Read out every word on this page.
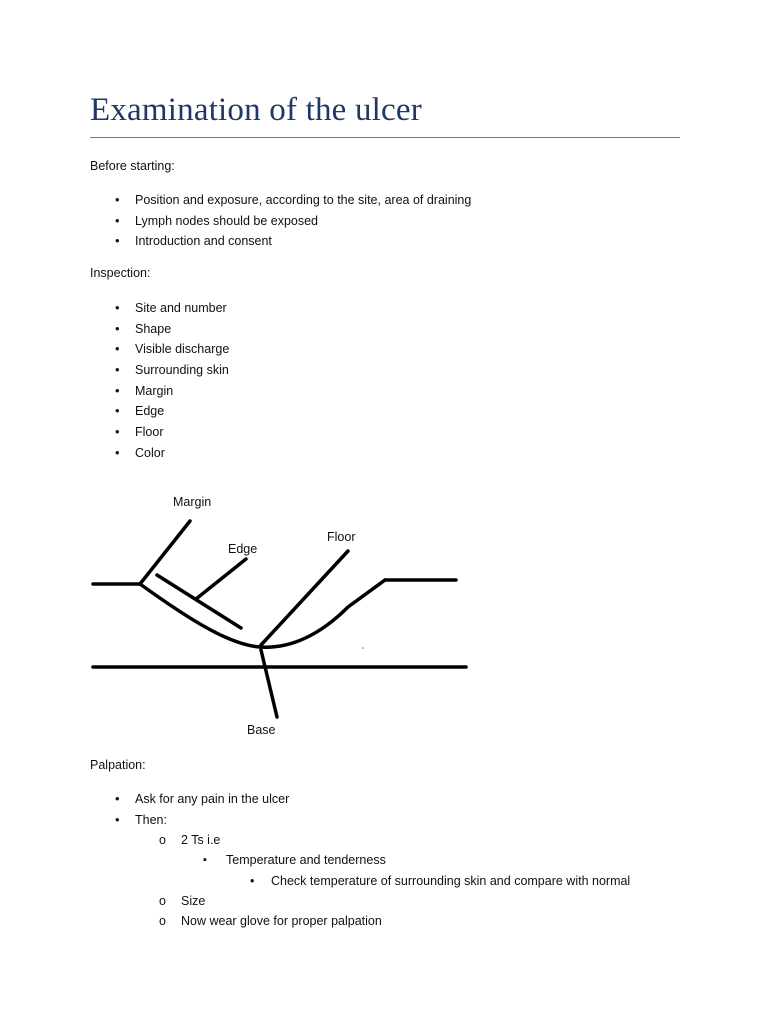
Examination of the ulcer

Before starting:

• Position and exposure, according to the site, area of draining
• Lymph nodes should be exposed
• Introduction and consent

Inspection:

• Site and number
• Shape
• Visible discharge
• Surrounding skin
• Margin
• Edge
• Floor
• Color
Margin
Edge
Floor
Base

Palpation:

• Ask for any pain in the ulcer
• Then:
o 2 Ts i.e
▪ Temperature and tenderness
• Check temperature of surrounding skin and compare with normal
o Size
o Now wear glove for proper palpation
